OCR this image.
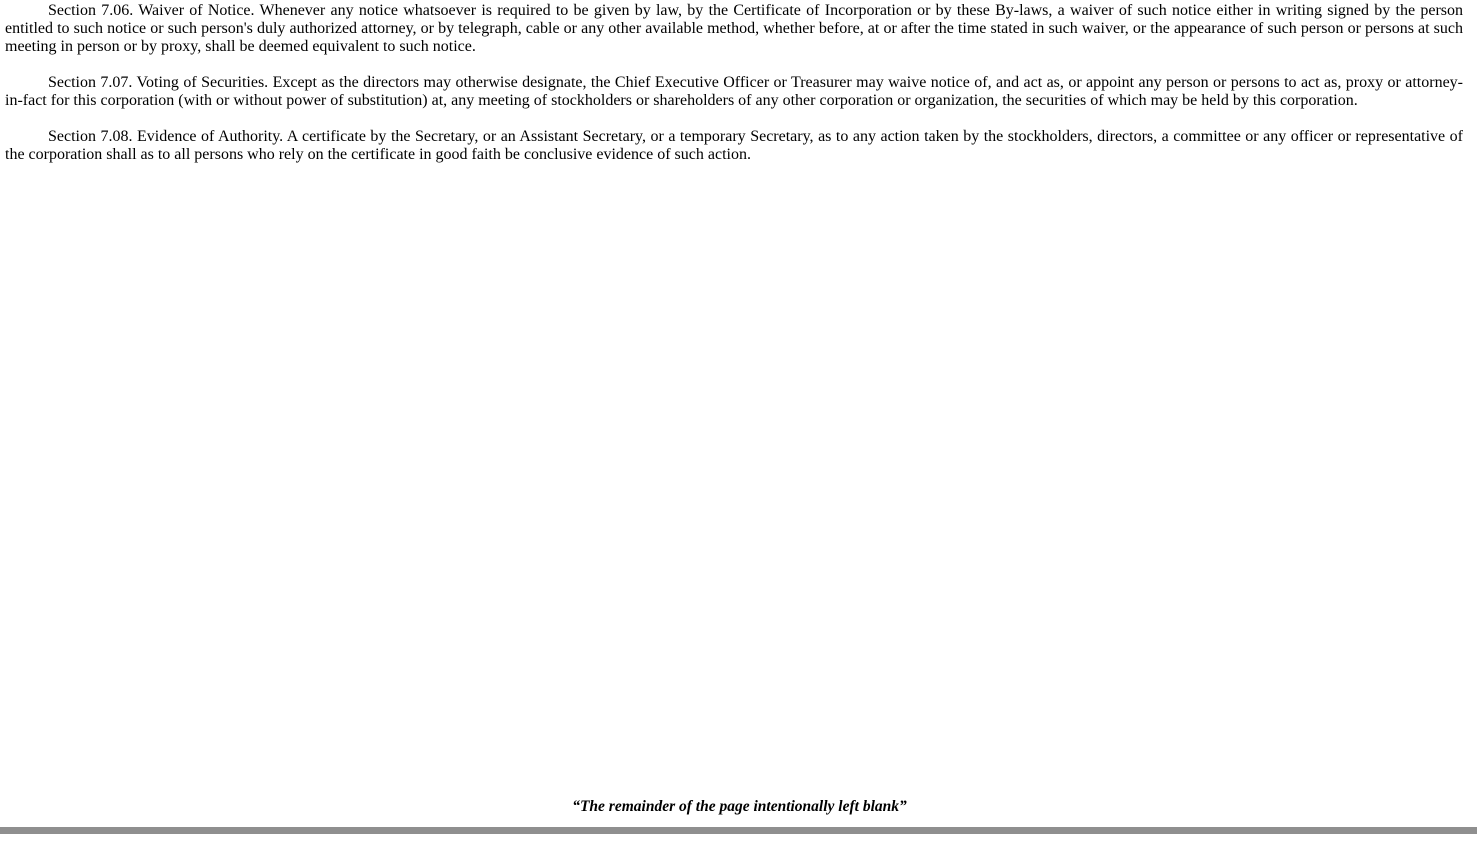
Section 7.06. Waiver of Notice. Whenever any notice whatsoever is required to be given by law, by the Certificate of Incorporation or by these By-laws, a waiver of such notice either in writing signed by the person entitled to such notice or such person's duly authorized attorney, or by telegraph, cable or any other available method, whether before, at or after the time stated in such waiver, or the appearance of such person or persons at such meeting in person or by proxy, shall be deemed equivalent to such notice.

Section 7.07. Voting of Securities. Except as the directors may otherwise designate, the Chief Executive Officer or Treasurer may waive notice of, and act as, or appoint any person or persons to act as, proxy or attorney-in-fact for this corporation (with or without power of substitution) at, any meeting of stockholders or shareholders of any other corporation or organization, the securities of which may be held by this corporation.

Section 7.08. Evidence of Authority. A certificate by the Secretary, or an Assistant Secretary, or a temporary Secretary, as to any action taken by the stockholders, directors, a committee or any officer or representative of the corporation shall as to all persons who rely on the certificate in good faith be conclusive evidence of such action.

“The remainder of the page intentionally left blank”
